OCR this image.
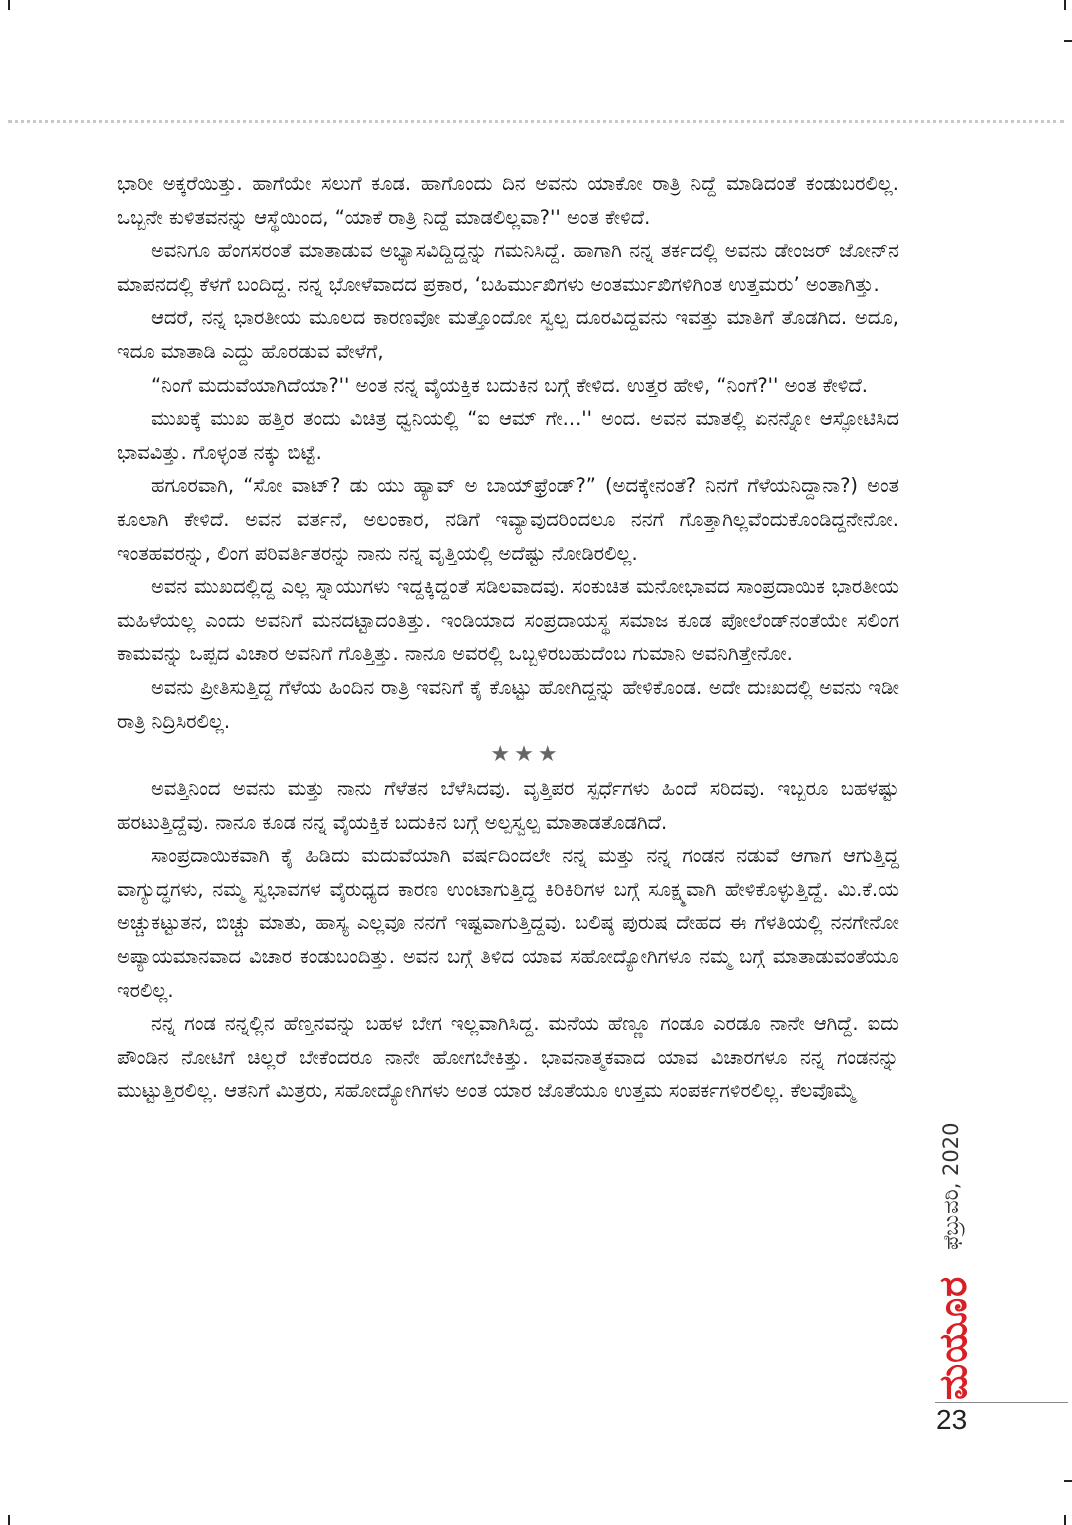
ಭಾರೀ ಅಕ್ಕರೆಯಿತ್ತು. ಹಾಗೆಯೇ ಸಲುಗೆ ಕೂಡ. ಹಾಗೊಂದು ದಿನ ಅವನು ಯಾಕೋ ರಾತ್ರಿ ನಿದ್ದೆ ಮಾಡಿದಂತೆ ಕಂಡುಬರಲಿಲ್ಲ. ಒಬ್ಬನೇ ಕುಳಿತವನನ್ನು ಆಸ್ಥೆಯಿಂದ, “ಯಾಕೆ ರಾತ್ರಿ ನಿದ್ದೆ ಮಾಡಲಿಲ್ಲವಾ?'' ಅಂತ ಕೇಳಿದೆ.

ಅವನಿಗೂ ಹೆಂಗಸರಂತೆ ಮಾತಾಡುವ ಅಭ್ಯಾಸವಿದ್ದಿದ್ದನ್ನು ಗಮನಿಸಿದ್ದೆ. ಹಾಗಾಗಿ ನನ್ನ ತರ್ಕದಲ್ಲಿ ಅವನು ಡೇಂಜರ್ ಜೋನ್‌ನ ಮಾಪನದಲ್ಲಿ ಕೆಳಗೆ ಬಂದಿದ್ದ. ನನ್ನ ಭೋಳೆವಾದದ ಪ್ರಕಾರ, ‘ಬಹಿರ್ಮುಖಿಗಳು ಅಂತರ್ಮುಖಿಗಳಿಗಿಂತ ಉತ್ತಮರು’ ಅಂತಾಗಿತ್ತು.

ಆದರೆ, ನನ್ನ ಭಾರತೀಯ ಮೂಲದ ಕಾರಣವೋ ಮತ್ತೊಂದೋ ಸ್ವಲ್ಪ ದೂರವಿದ್ದವನು ಇವತ್ತು ಮಾತಿಗೆ ತೊಡಗಿದ. ಅದೂ, ಇದೂ ಮಾತಾಡಿ ಎದ್ದು ಹೊರಡುವ ವೇಳೆಗೆ,

“ನಿಂಗೆ ಮದುವೆಯಾಗಿದೆಯಾ?'' ಅಂತ ನನ್ನ ವೈಯಕ್ತಿಕ ಬದುಕಿನ ಬಗ್ಗೆ ಕೇಳಿದ. ಉತ್ತರ ಹೇಳಿ, “ನಿಂಗೆ?'' ಅಂತ ಕೇಳಿದೆ.

ಮುಖಕ್ಕೆ ಮುಖ ಹತ್ತಿರ ತಂದು ವಿಚಿತ್ರ ಧ್ವನಿಯಲ್ಲಿ “ಐ ಆಮ್ ಗೇ...'' ಅಂದ. ಅವನ ಮಾತಲ್ಲಿ ಏನನ್ನೋ ಆಸ್ಫೋಟಿಸಿದ ಭಾವವಿತ್ತು. ಗೊಳ್ಳಂತ ನಕ್ಕು ಬಿಟ್ಟೆ.

ಹಗೂರವಾಗಿ, “ಸೋ ವಾಟ್? ಡು ಯು ಹ್ಯಾವ್ ಅ ಬಾಯ್‌ಫ್ರೆಂಡ್?” (ಅದಕ್ಕೇನಂತೆ? ನಿನಗೆ ಗೆಳೆಯನಿದ್ದಾನಾ?) ಅಂತ ಕೂಲಾಗಿ ಕೇಳಿದೆ. ಅವನ ವರ್ತನೆ, ಅಲಂಕಾರ, ನಡಿಗೆ ಇವ್ಯಾವುದರಿಂದಲೂ ನನಗೆ ಗೊತ್ತಾಗಿಲ್ಲವೆಂದುಕೊಂಡಿದ್ದನೇನೋ. ಇಂತಹವರನ್ನು, ಲಿಂಗ ಪರಿವರ್ತಿತರನ್ನು ನಾನು ನನ್ನ ವೃತ್ತಿಯಲ್ಲಿ ಅದೆಷ್ಟು ನೋಡಿರಲಿಲ್ಲ.

ಅವನ ಮುಖದಲ್ಲಿದ್ದ ಎಲ್ಲ ಸ್ನಾಯುಗಳು ಇದ್ದಕ್ಕಿದ್ದಂತೆ ಸಡಿಲವಾದವು. ಸಂಕುಚಿತ ಮನೋಭಾವದ ಸಾಂಪ್ರದಾಯಿಕ ಭಾರತೀಯ ಮಹಿಳೆಯಲ್ಲ ಎಂದು ಅವನಿಗೆ ಮನದಟ್ಟಾದಂತಿತ್ತು. ಇಂಡಿಯಾದ ಸಂಪ್ರದಾಯಸ್ಥ ಸಮಾಜ ಕೂಡ ಪೋಲೆಂಡ್‌ನಂತೆಯೇ ಸಲಿಂಗ ಕಾಮವನ್ನು ಒಪ್ಪದ ವಿಚಾರ ಅವನಿಗೆ ಗೊತ್ತಿತ್ತು. ನಾನೂ ಅವರಲ್ಲಿ ಒಬ್ಬಳಿರಬಹುದೆಂಬ ಗುಮಾನಿ ಅವನಿಗಿತ್ತೇನೋ.

ಅವನು ಪ್ರೀತಿಸುತ್ತಿದ್ದ ಗೆಳೆಯ ಹಿಂದಿನ ರಾತ್ರಿ ಇವನಿಗೆ ಕೈ ಕೊಟ್ಟು ಹೋಗಿದ್ದನ್ನು ಹೇಳಿಕೊಂಡ. ಅದೇ ದುಃಖದಲ್ಲಿ ಅವನು ಇಡೀ ರಾತ್ರಿ ನಿದ್ರಿಸಿರಲಿಲ್ಲ.

★★★

ಅವತ್ತಿನಿಂದ ಅವನು ಮತ್ತು ನಾನು ಗೆಳೆತನ ಬೆಳೆಸಿದವು. ವೃತ್ತಿಪರ ಸ್ಪರ್ಧೆಗಳು ಹಿಂದೆ ಸರಿದವು. ಇಬ್ಬರೂ ಬಹಳಷ್ಟು ಹರಟುತ್ತಿದ್ದೆವು. ನಾನೂ ಕೂಡ ನನ್ನ ವೈಯಕ್ತಿಕ ಬದುಕಿನ ಬಗ್ಗೆ ಅಲ್ಪಸ್ವಲ್ಪ ಮಾತಾಡತೊಡಗಿದೆ.

ಸಾಂಪ್ರದಾಯಿಕವಾಗಿ ಕೈ ಹಿಡಿದು ಮದುವೆಯಾಗಿ ವರ್ಷದಿಂದಲೇ ನನ್ನ ಮತ್ತು ನನ್ನ ಗಂಡನ ನಡುವೆ ಆಗಾಗ ಆಗುತ್ತಿದ್ದ ವಾಗ್ಯುದ್ಧಗಳು, ನಮ್ಮ ಸ್ವಭಾವಗಳ ವೈರುಧ್ಯದ ಕಾರಣ ಉಂಟಾಗುತ್ತಿದ್ದ ಕಿರಿಕಿರಿಗಳ ಬಗ್ಗೆ ಸೂಕ್ಷ್ಮವಾಗಿ ಹೇಳಿಕೊಳ್ಳುತ್ತಿದ್ದೆ. ಮಿ.ಕೆ.ಯ ಅಚ್ಚುಕಟ್ಟುತನ, ಬಿಚ್ಚು ಮಾತು, ಹಾಸ್ಯ ಎಲ್ಲವೂ ನನಗೆ ಇಷ್ಟವಾಗುತ್ತಿದ್ದವು. ಬಲಿಷ್ಠ ಪುರುಷ ದೇಹದ ಈ ಗೆಳತಿಯಲ್ಲಿ ನನಗೇನೋ ಅಪ್ಯಾಯಮಾನವಾದ ವಿಚಾರ ಕಂಡುಬಂದಿತ್ತು. ಅವನ ಬಗ್ಗೆ ತಿಳಿದ ಯಾವ ಸಹೋದ್ಯೋಗಿಗಳೂ ನಮ್ಮ ಬಗ್ಗೆ ಮಾತಾಡುವಂತೆಯೂ ಇರಲಿಲ್ಲ.

ನನ್ನ ಗಂಡ ನನ್ನಲ್ಲಿನ ಹೆಣ್ತನವನ್ನು ಬಹಳ ಬೇಗ ಇಲ್ಲವಾಗಿಸಿದ್ದ. ಮನೆಯ ಹೆಣ್ಣೂ ಗಂಡೂ ಎರಡೂ ನಾನೇ ಆಗಿದ್ದೆ. ಐದು ಪೌಂಡಿನ ನೋಟಿಗೆ ಚಿಲ್ಲರೆ ಬೇಕೆಂದರೂ ನಾನೇ ಹೋಗಬೇಕಿತ್ತು. ಭಾವನಾತ್ಮಕವಾದ ಯಾವ ವಿಚಾರಗಳೂ ನನ್ನ ಗಂಡನನ್ನು ಮುಟ್ಟುತ್ತಿರಲಿಲ್ಲ. ಆತನಿಗೆ ಮಿತ್ರರು, ಸಹೋದ್ಯೋಗಿಗಳು ಅಂತ ಯಾರ ಜೊತೆಯೂ ಉತ್ತಮ ಸಂಪರ್ಕಗಳಿರಲಿಲ್ಲ. ಕೆಲವೊಮ್ಮೆ

ಫೆಬ್ರುವರಿ, 2020
ಮಯೂರ
23
